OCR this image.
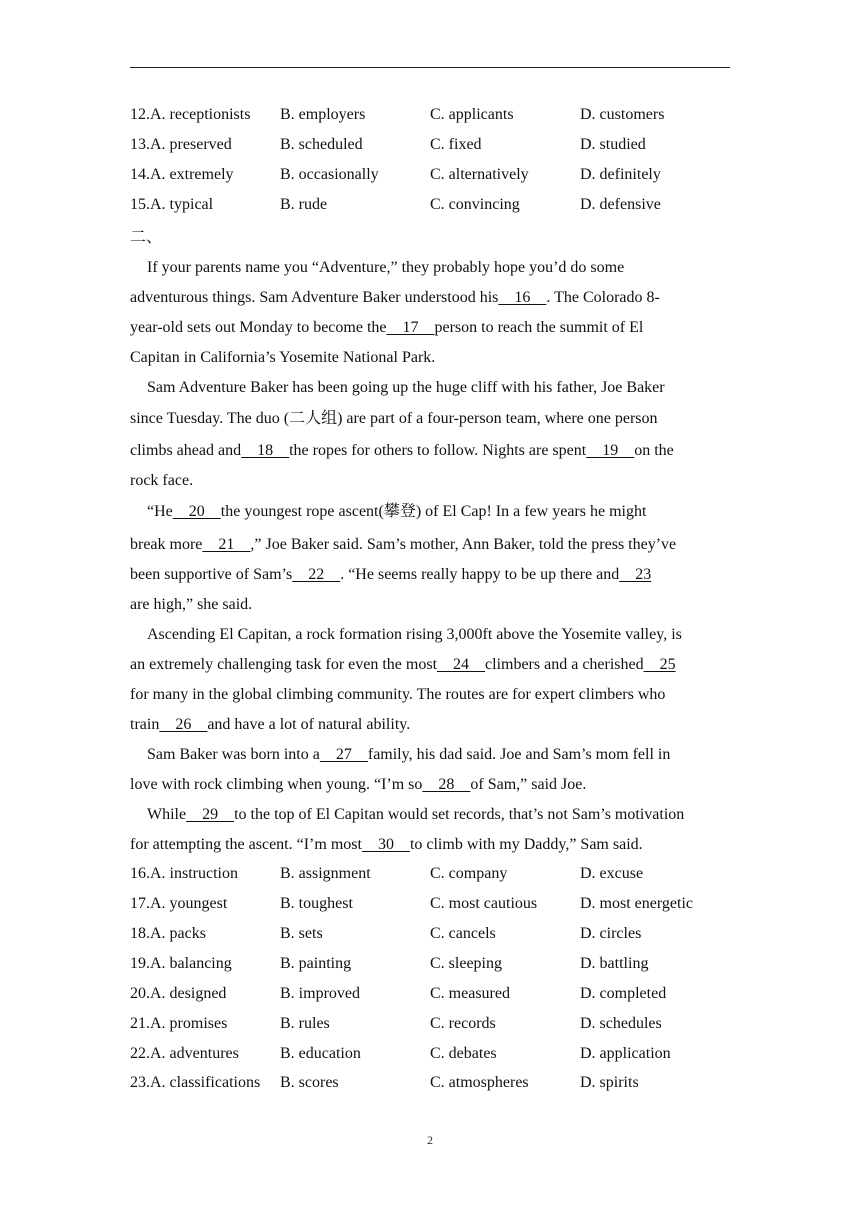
12.A. receptionists B. employers	C. applicants	D. customers
13.A. preserved	B. scheduled	C. fixed	D. studied
14.A. extremely	B. occasionally	C. alternatively	D. definitely
15.A. typical	B. rude	C. convincing	D. defensive
二、
If your parents name you “Adventure,” they probably hope you’d do some
adventurous things. Sam Adventure Baker understood his    16    . The Colorado 8-
year-old sets out Monday to become the    17    person to reach the summit of El
Capitan in California’s Yosemite National Park.
Sam Adventure Baker has been going up the huge cliff with his father, Joe Baker
since Tuesday. The duo (二人组) are part of a four-person team, where one person
climbs ahead and    18    the ropes for others to follow. Nights are spent    19    on the
rock face.
“He    20    the youngest rope ascent(攀登) of El Cap! In a few years he might
break more    21    ,” Joe Baker said. Sam’s mother, Ann Baker, told the press they’ve
been supportive of Sam’s    22    . “He seems really happy to be up there and    23
are high,” she said.
Ascending El Capitan, a rock formation rising 3,000ft above the Yosemite valley, is
an extremely challenging task for even the most    24    climbers and a cherished    25
for many in the global climbing community. The routes are for expert climbers who
train    26    and have a lot of natural ability.
Sam Baker was born into a    27    family, his dad said. Joe and Sam’s mom fell in
love with rock climbing when young. “I’m so    28    of Sam,” said Joe.
While    29    to the top of El Capitan would set records, that’s not Sam’s motivation
for attempting the ascent. “I’m most    30    to climb with my Daddy,” Sam said.
16.A. instruction	B. assignment	C. company	D. excuse
17.A. youngest	B. toughest	C. most cautious	D. most energetic
18.A. packs	B. sets	C. cancels	D. circles
19.A. balancing	B. painting	C. sleeping	D. battling
20.A. designed	B. improved	C. measured	D. completed
21.A. promises	B. rules	C. records	D. schedules
22.A. adventures	B. education	C. debates	D. application
23.A. classifications B. scores	C. atmospheres	D. spirits
2
